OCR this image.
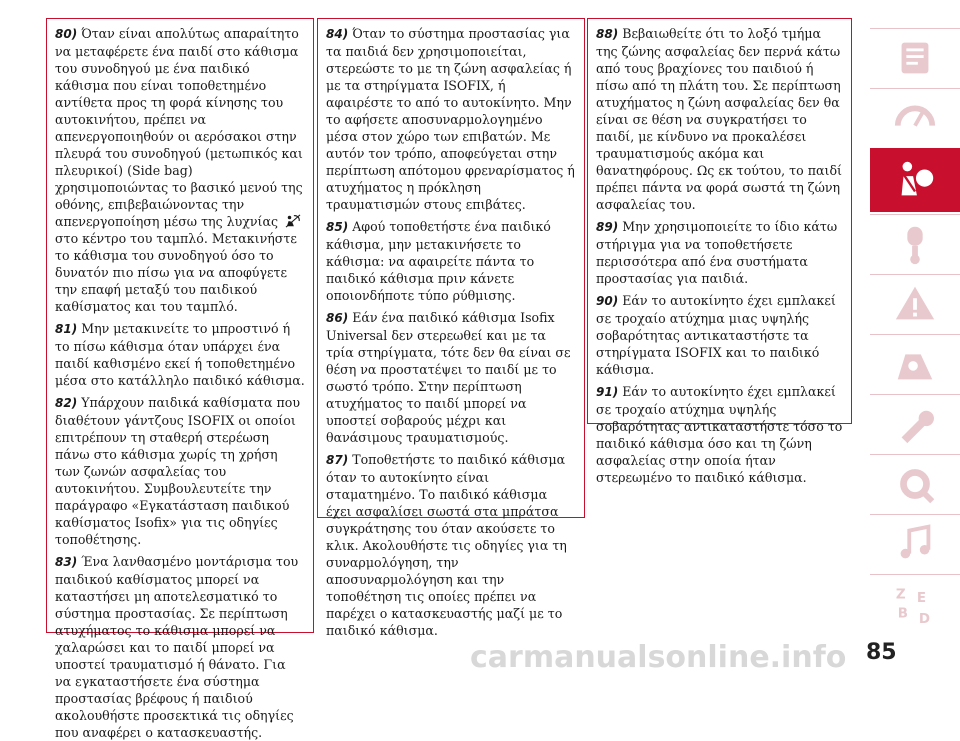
80) Όταν είναι απολύτως απαραίτητο να μεταφέρετε ένα παιδί στο κάθισμα του συνοδηγού με ένα παιδικό κάθισμα που είναι τοποθετημένο αντίθετα προς τη φορά κίνησης του αυτοκινήτου, πρέπει να απενεργοποιηθούν οι αερόσακοι στην πλευρά του συνοδηγού (μετωπικός και πλευρικοί) (Side bag) χρησιμοποιώντας το βασικό μενού της οθόνης, επιβεβαιώνοντας την απενεργοποίηση μέσω της λυχνίας  στο κέντρο του ταμπλό. Μετακινήστε το κάθισμα του συνοδηγού όσο το δυνατόν πιο πίσω για να αποφύγετε την επαφή μεταξύ του παιδικού καθίσματος και του ταμπλό.

81) Μην μετακινείτε το μπροστινό ή το πίσω κάθισμα όταν υπάρχει ένα παιδί καθισμένο εκεί ή τοποθετημένο μέσα στο κατάλληλο παιδικό κάθισμα.

82) Υπάρχουν παιδικά καθίσματα που διαθέτουν γάντζους ISOFIX οι οποίοι επιτρέπουν τη σταθερή στερέωση πάνω στο κάθισμα χωρίς τη χρήση των ζωνών ασφαλείας του αυτοκινήτου. Συμβουλευτείτε την παράγραφο «Εγκατάσταση παιδικού καθίσματος Isofix» για τις οδηγίες τοποθέτησης.

83) Ένα λανθασμένο μοντάρισμα του παιδικού καθίσματος μπορεί να καταστήσει μη αποτελεσματικό το σύστημα προστασίας. Σε περίπτωση ατυχήματος το κάθισμα μπορεί να χαλαρώσει και το παιδί μπορεί να υποστεί τραυματισμό ή θάνατο. Για να εγκαταστήσετε ένα σύστημα προστασίας βρέφους ή παιδιού ακολουθήστε προσεκτικά τις οδηγίες που αναφέρει ο κατασκευαστής.

84) Όταν το σύστημα προστασίας για τα παιδιά δεν χρησιμοποιείται, στερεώστε το με τη ζώνη ασφαλείας ή με τα στηρίγματα ISOFIX, ή αφαιρέστε το από το αυτοκίνητο. Μην το αφήσετε αποσυναρμολογημένο μέσα στον χώρο των επιβατών. Με αυτόν τον τρόπο, αποφεύγεται στην περίπτωση απότομου φρεναρίσματος ή ατυχήματος η πρόκληση τραυματισμών στους επιβάτες.

85) Αφού τοποθετήστε ένα παιδικό κάθισμα, μην μετακινήσετε το κάθισμα: να αφαιρείτε πάντα το παιδικό κάθισμα πριν κάνετε οποιονδήποτε τύπο ρύθμισης.

86) Εάν ένα παιδικό κάθισμα Isofix Universal δεν στερεωθεί και με τα τρία στηρίγματα, τότε δεν θα είναι σε θέση να προστατέψει το παιδί με το σωστό τρόπο. Στην περίπτωση ατυχήματος το παιδί μπορεί να υποστεί σοβαρούς μέχρι και θανάσιμους τραυματισμούς.

87) Τοποθετήστε το παιδικό κάθισμα όταν το αυτοκίνητο είναι σταματημένο. Το παιδικό κάθισμα έχει ασφαλίσει σωστά στα μπράτσα συγκράτησης του όταν ακούσετε το κλικ. Ακολουθήστε τις οδηγίες για τη συναρμολόγηση, την αποσυναρμολόγηση και την τοποθέτηση τις οποίες πρέπει να παρέχει ο κατασκευαστής μαζί με το παιδικό κάθισμα.

88) Βεβαιωθείτε ότι το λοξό τμήμα της ζώνης ασφαλείας δεν περνά κάτω από τους βραχίονες του παιδιού ή πίσω από τη πλάτη του. Σε περίπτωση ατυχήματος η ζώνη ασφαλείας δεν θα είναι σε θέση να συγκρατήσει το παιδί, με κίνδυνο να προκαλέσει τραυματισμούς ακόμα και θανατηφόρους. Ως εκ τούτου, το παιδί πρέπει πάντα να φορά σωστά τη ζώνη ασφαλείας του.

89) Μην χρησιμοποιείτε το ίδιο κάτω στήριγμα για να τοποθετήσετε περισσότερα από ένα συστήματα προστασίας για παιδιά.

90) Εάν το αυτοκίνητο έχει εμπλακεί σε τροχαίο ατύχημα μιας υψηλής σοβαρότητας αντικαταστήστε τα στηρίγματα ISOFIX και το παιδικό κάθισμα.

91) Εάν το αυτοκίνητο έχει εμπλακεί σε τροχαίο ατύχημα υψηλής σοβαρότητας αντικαταστήστε τόσο το παιδικό κάθισμα όσο και τη ζώνη ασφαλείας στην οποία ήταν στερεωμένο το παιδικό κάθισμα.

Z E
B D
85
carmanualsonline.info
